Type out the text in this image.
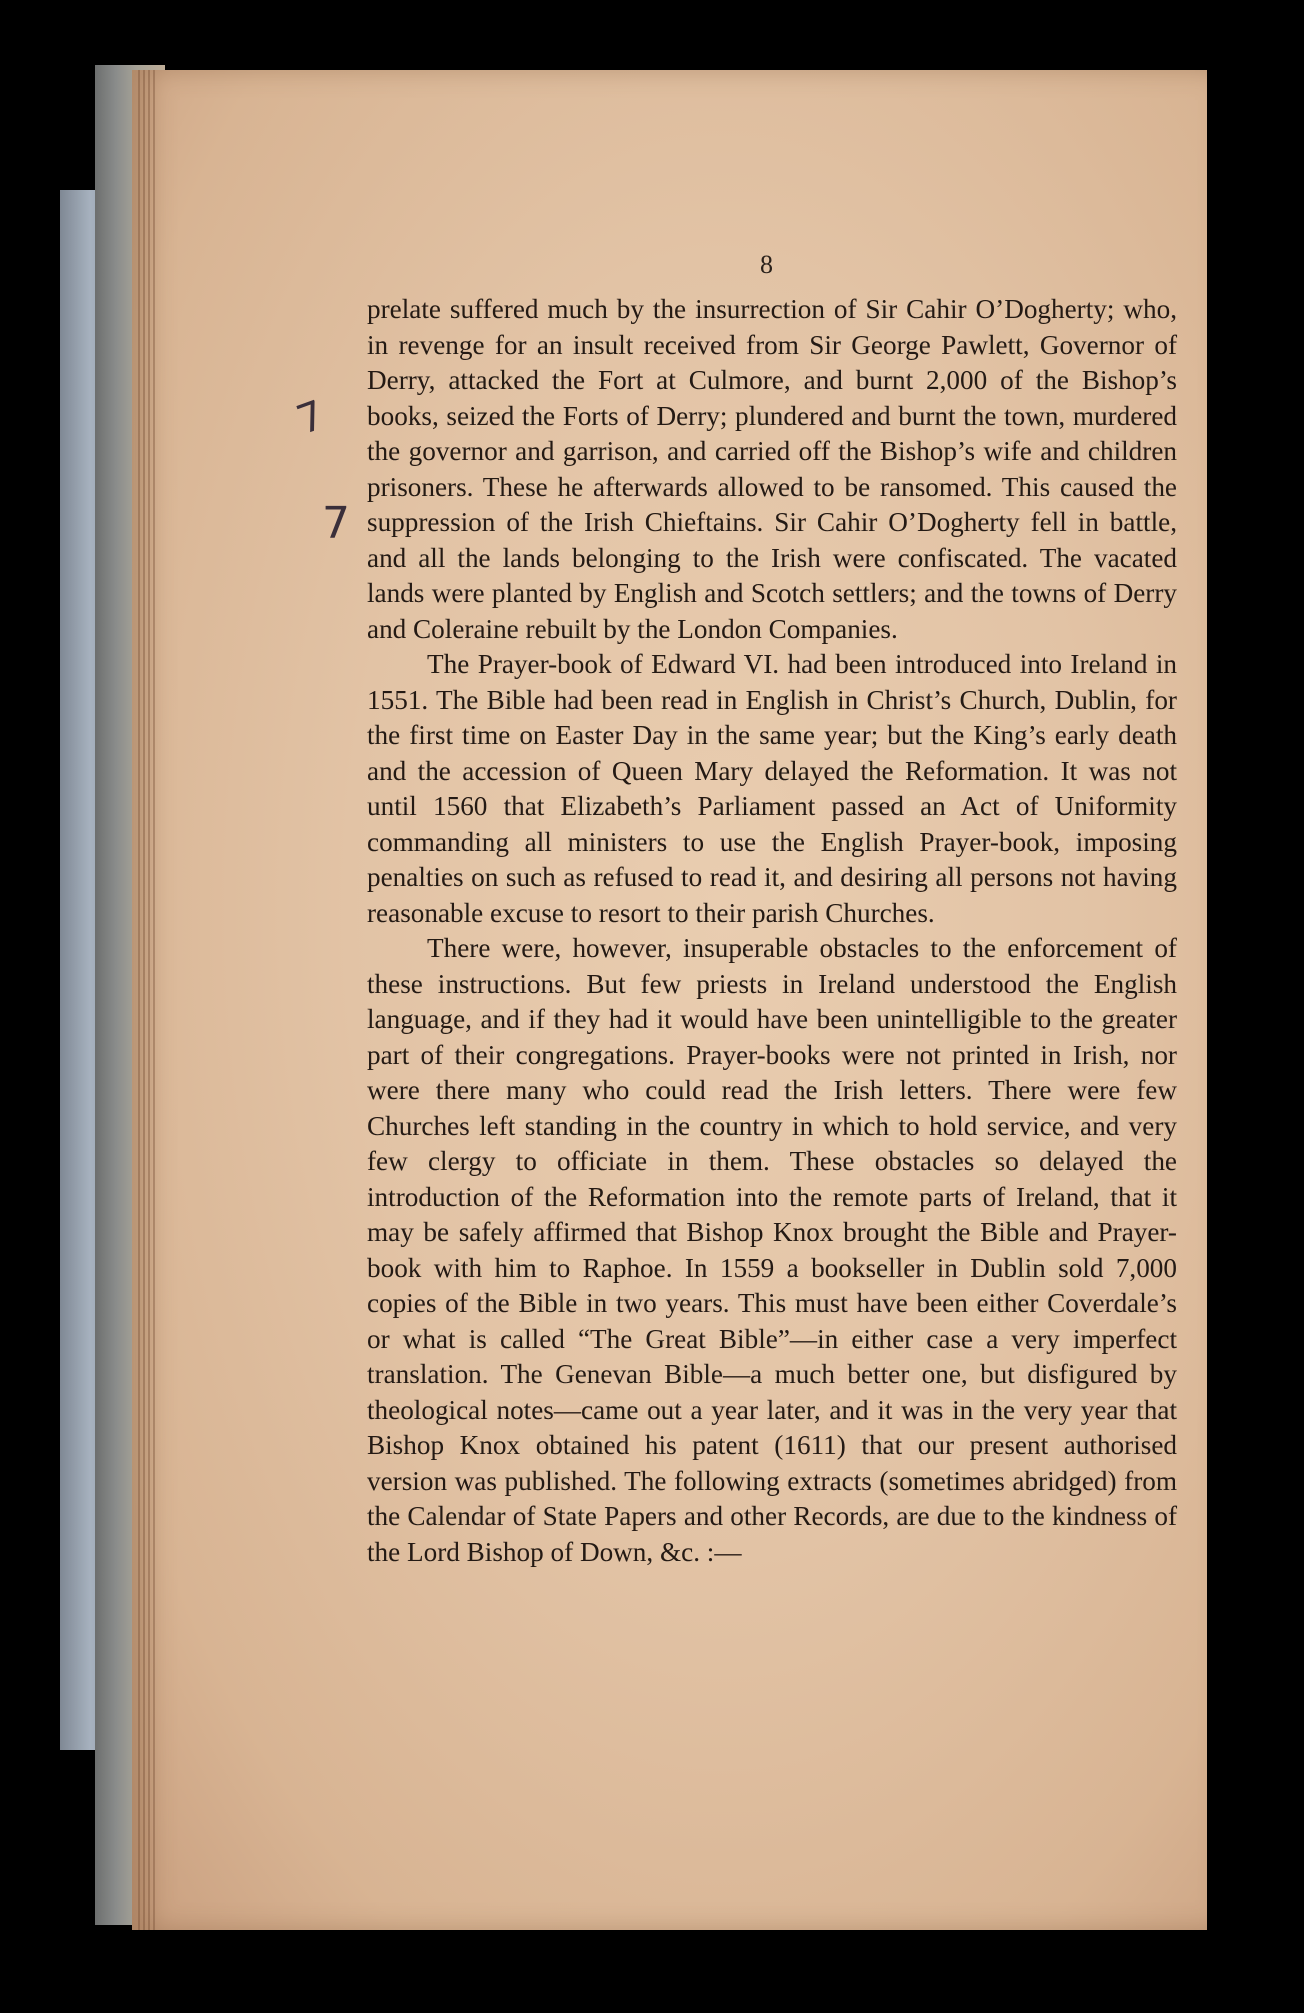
8
7
7

prelate suffered much by the insurrection of Sir Cahir O’Dogherty; who, in revenge for an insult received from Sir George Pawlett, Governor of Derry, attacked the Fort at Culmore, and burnt 2,000 of the Bishop’s books, seized the Forts of Derry; plundered and burnt the town, murdered the governor and garrison, and carried off the Bishop’s wife and children prisoners. These he afterwards allowed to be ransomed. This caused the suppression of the Irish Chieftains. Sir Cahir O’Dogherty fell in battle, and all the lands belonging to the Irish were confiscated. The vacated lands were planted by English and Scotch settlers; and the towns of Derry and Coleraine rebuilt by the London Companies.

The Prayer-book of Edward VI. had been introduced into Ireland in 1551. The Bible had been read in English in Christ’s Church, Dublin, for the first time on Easter Day in the same year; but the King’s early death and the accession of Queen Mary delayed the Reformation. It was not until 1560 that Elizabeth’s Parliament passed an Act of Uniformity commanding all ministers to use the English Prayer-book, imposing penalties on such as refused to read it, and desiring all persons not having reasonable excuse to resort to their parish Churches.

There were, however, insuperable obstacles to the enforcement of these instructions. But few priests in Ireland understood the English language, and if they had it would have been unintelligible to the greater part of their congregations. Prayer-books were not printed in Irish, nor were there many who could read the Irish letters. There were few Churches left standing in the country in which to hold service, and very few clergy to officiate in them. These obstacles so delayed the introduction of the Reformation into the remote parts of Ireland, that it may be safely affirmed that Bishop Knox brought the Bible and Prayer-book with him to Raphoe. In 1559 a bookseller in Dublin sold 7,000 copies of the Bible in two years. This must have been either Coverdale’s or what is called “The Great Bible”—in either case a very imperfect translation. The Genevan Bible—a much better one, but disfigured by theological notes—came out a year later, and it was in the very year that Bishop Knox obtained his patent (1611) that our present authorised version was published. The following extracts (sometimes abridged) from the Calendar of State Papers and other Records, are due to the kindness of the Lord Bishop of Down, &c. :—
